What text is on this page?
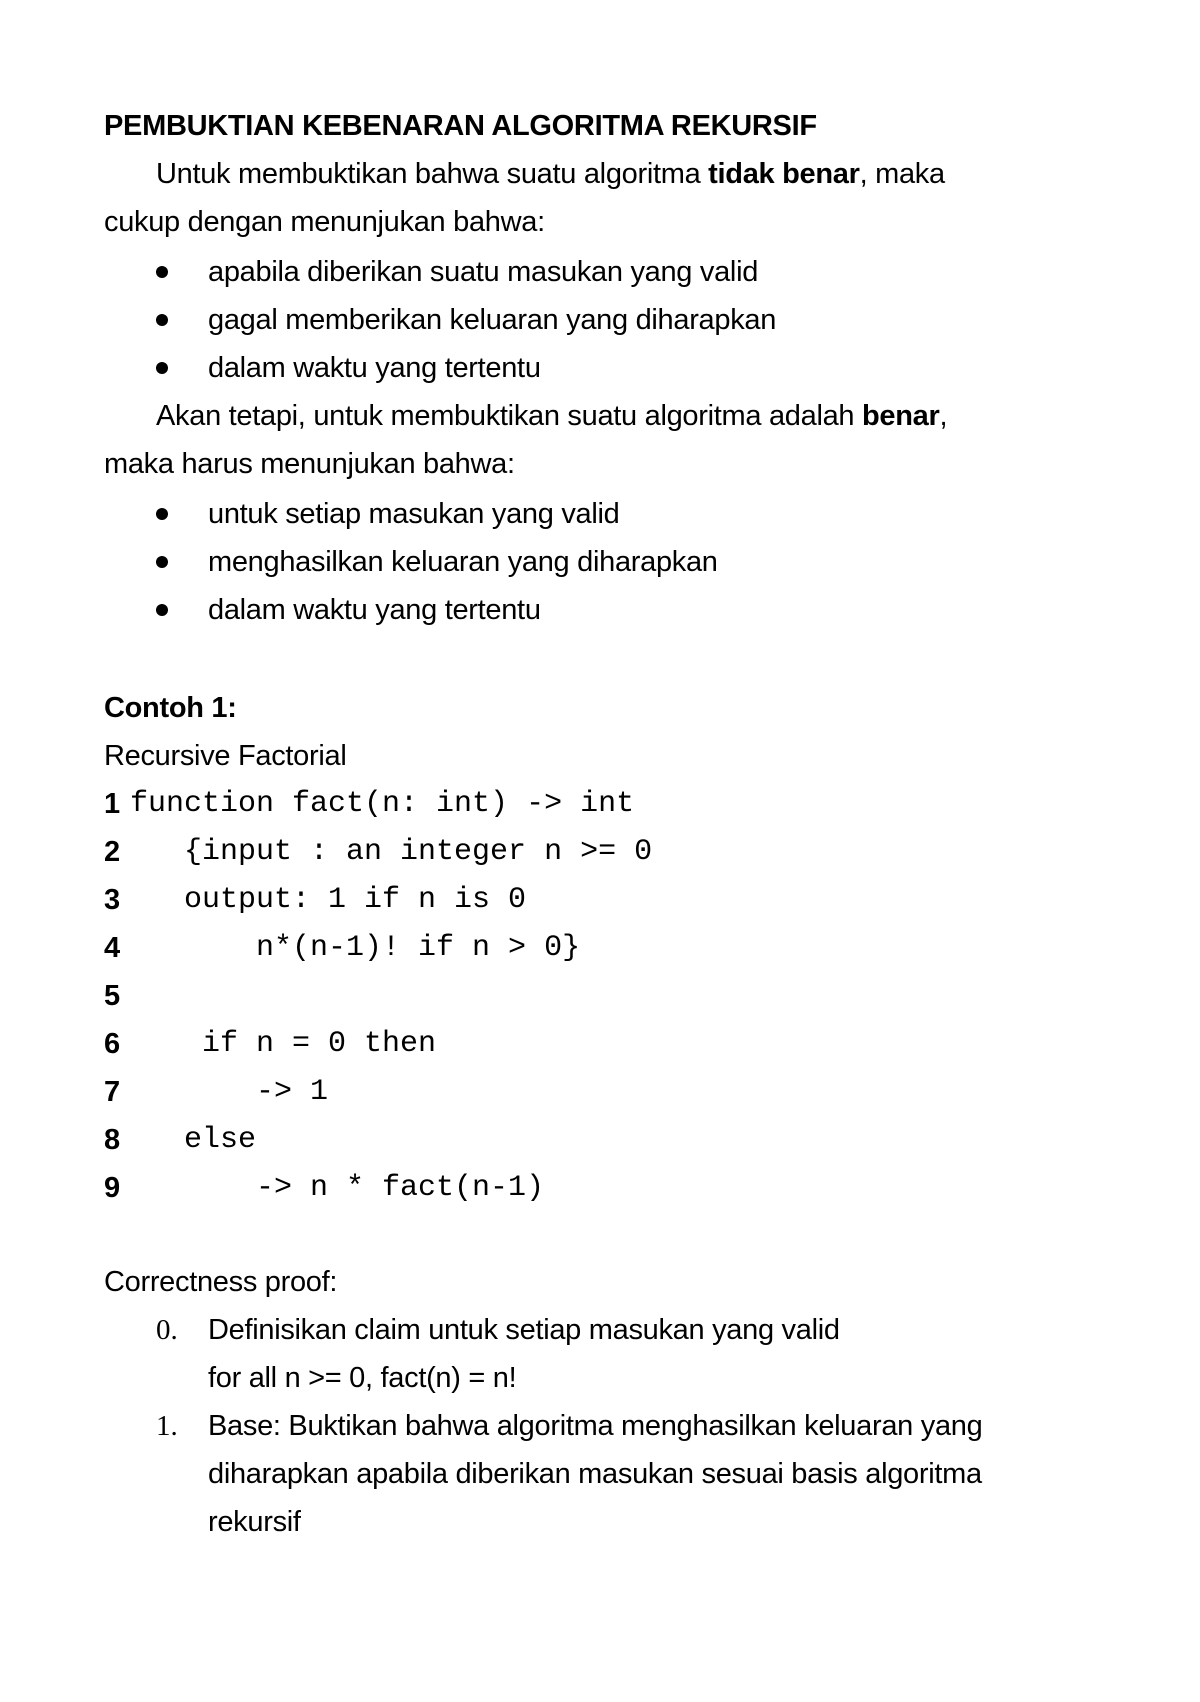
PEMBUKTIAN KEBENARAN ALGORITMA REKURSIF
Untuk membuktikan bahwa suatu algoritma tidak benar, maka
cukup dengan menunjukan bahwa:
apabila diberikan suatu masukan yang valid
gagal memberikan keluaran yang diharapkan
dalam waktu yang tertentu
Akan tetapi, untuk membuktikan suatu algoritma adalah benar,
maka harus menunjukan bahwa:
untuk setiap masukan yang valid
menghasilkan keluaran yang diharapkan
dalam waktu yang tertentu
Contoh 1:
Recursive Factorial
1 function fact(n: int) -> int
2 {input : an integer n >= 0
3 output: 1 if n is 0
4 n*(n-1)! if n > 0}
5
6 if n = 0 then
7 -> 1
8 else
9 -> n * fact(n-1)
Correctness proof:
0. Definisikan claim untuk setiap masukan yang valid
for all n >= 0, fact(n) = n!
1. Base: Buktikan bahwa algoritma menghasilkan keluaran yang
diharapkan apabila diberikan masukan sesuai basis algoritma
rekursif
